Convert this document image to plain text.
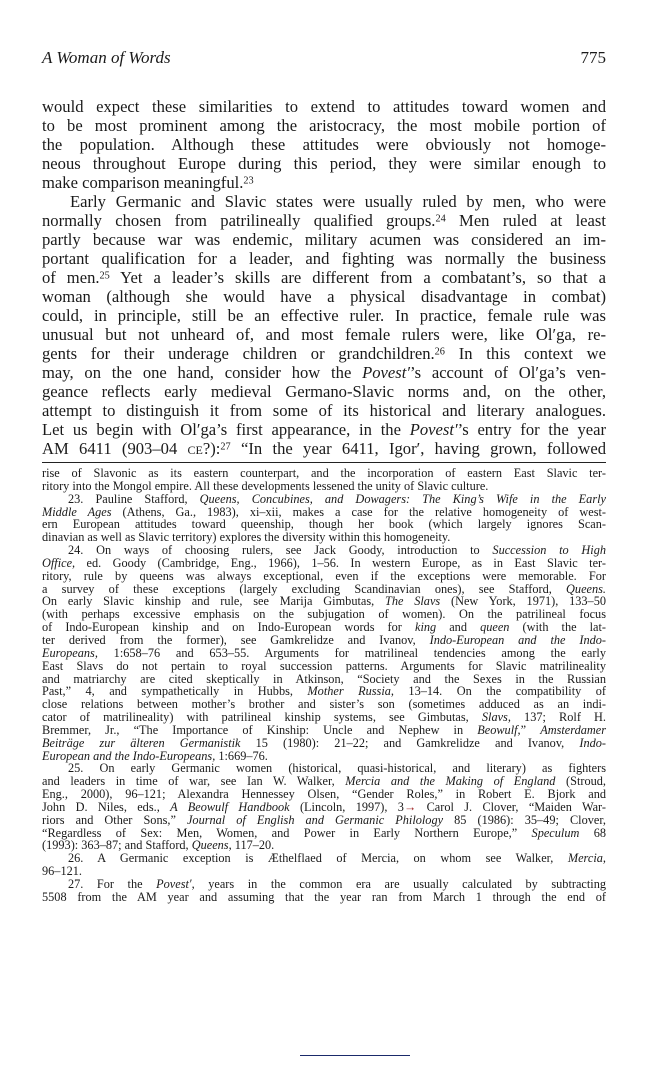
A Woman of Words	775
would expect these similarities to extend to attitudes toward women and
to be most prominent among the aristocracy, the most mobile portion of
the population. Although these attitudes were obviously not homoge-
neous throughout Europe during this period, they were similar enough to
make comparison meaningful.$^{23}$
Early Germanic and Slavic states were usually ruled by men, who were
normally chosen from patrilineally qualified groups.$^{24}$ Men ruled at least
partly because war was endemic, military acumen was considered an im-
portant qualification for a leader, and fighting was normally the business
of men.$^{25}$ Yet a leader’s skills are different from a combatant’s, so that a
woman (although she would have a physical disadvantage in combat)
could, in principle, still be an effective ruler. In practice, female rule was
unusual but not unheard of, and most female rulers were, like Ol′ga, re-
gents for their underage children or grandchildren.$^{26}$ In this context we
may, on the one hand, consider how the Povest′’s account of Ol′ga’s ven-
geance reflects early medieval Germano-Slavic norms and, on the other,
attempt to distinguish it from some of its historical and literary analogues.
Let us begin with Ol′ga’s first appearance, in the Povest′’s entry for the year
AM 6411 (903–04 ce?):$^{27}$ “In the year 6411, Igor′, having grown, followed
rise of Slavonic as its eastern counterpart, and the incorporation of eastern East Slavic ter-
ritory into the Mongol empire. All these developments lessened the unity of Slavic culture.
23. Pauline Stafford, Queens, Concubines, and Dowagers: The King’s Wife in the Early
Middle Ages (Athens, Ga., 1983), xi–xii, makes a case for the relative homogeneity of west-
ern European attitudes toward queenship, though her book (which largely ignores Scan-
dinavian as well as Slavic territory) explores the diversity within this homogeneity.
24. On ways of choosing rulers, see Jack Goody, introduction to Succession to High
Office, ed. Goody (Cambridge, Eng., 1966), 1–56. In western Europe, as in East Slavic ter-
ritory, rule by queens was always exceptional, even if the exceptions were memorable. For
a survey of these exceptions (largely excluding Scandinavian ones), see Stafford, Queens.
On early Slavic kinship and rule, see Marija Gimbutas, The Slavs (New York, 1971), 133–50
(with perhaps excessive emphasis on the subjugation of women). On the patrilineal focus
of Indo-European kinship and on Indo-European words for king and queen (with the lat-
ter derived from the former), see Gamkrelidze and Ivanov, Indo-European and the Indo-
Europeans, 1:658–76 and 653–55. Arguments for matrilineal tendencies among the early
East Slavs do not pertain to royal succession patterns. Arguments for Slavic matrilineality
and matriarchy are cited skeptically in Atkinson, “Society and the Sexes in the Russian
Past,” 4, and sympathetically in Hubbs, Mother Russia, 13–14. On the compatibility of
close relations between mother’s brother and sister’s son (sometimes adduced as an indi-
cator of matrilineality) with patrilineal kinship systems, see Gimbutas, Slavs, 137; Rolf H.
Bremmer, Jr., “The Importance of Kinship: Uncle and Nephew in Beowulf,” Amsterdamer
Beiträge zur älteren Germanistik 15 (1980): 21–22; and Gamkrelidze and Ivanov, Indo-
European and the Indo-Europeans, 1:669–76.
25. On early Germanic women (historical, quasi-historical, and literary) as fighters
and leaders in time of war, see Ian W. Walker, Mercia and the Making of England (Stroud,
Eng., 2000), 96–121; Alexandra Hennessey Olsen, “Gender Roles,” in Robert E. Bjork and
John D. Niles, eds., A Beowulf Handbook (Lincoln, 1997), 3→ Carol J. Clover, “Maiden War-
riors and Other Sons,” Journal of English and Germanic Philology 85 (1986): 35–49; Clover,
“Regardless of Sex: Men, Women, and Power in Early Northern Europe,” Speculum 68
(1993): 363–87; and Stafford, Queens, 117–20.
26. A Germanic exception is Æthelflaed of Mercia, on whom see Walker, Mercia,
96–121.
27. For the Povest′, years in the common era are usually calculated by subtracting
5508 from the AM year and assuming that the year ran from March 1 through the end of
